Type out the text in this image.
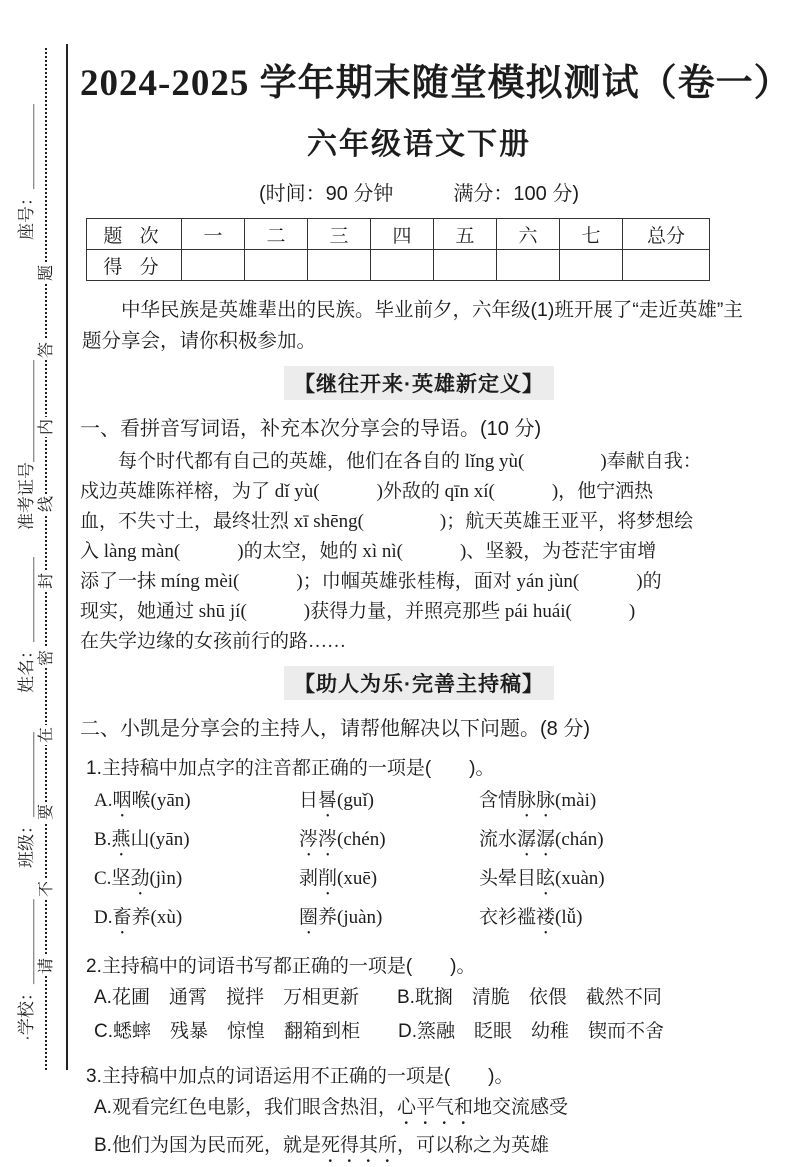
题
答
内
线
封
密
在
要
不
请
座号：＿＿＿＿＿
准考证号＿＿＿＿＿＿
姓名：＿＿＿＿＿
班级：＿＿＿＿＿
·学校：＿＿＿＿＿
2024-2025 学年期末随堂模拟测试（卷一）
六年级语文下册
(时间：90 分钟　　　满分：100 分)
题 次	一	二	三	四	五	六	七	总分
得 分								
中华民族是英雄辈出的民族。毕业前夕，六年级(1)班开展了“走近英雄”主题分享会，请你积极参加。
【继往开来·英雄新定义】
一、看拼音写词语，补充本次分享会的导语。(10 分)
每个时代都有自己的英雄，他们在各自的 lǐng yù(　　　　)奉献自我：
戍边英雄陈祥榕，为了 dǐ yù(　　　)外敌的 qīn xí(　　　)，他宁洒热
血，不失寸土，最终壮烈 xī shēng(　　　　)；航天英雄王亚平，将梦想绘
入 làng màn(　　　)的太空，她的 xì nì(　　　)、坚毅，为苍茫宇宙增
添了一抹 míng mèi(　　　)；巾帼英雄张桂梅，面对 yán jùn(　　　)的
现实，她通过 shū jí(　　　)获得力量，并照亮那些 pái huái(　　　)
在失学边缘的女孩前行的路……
【助人为乐·完善主持稿】
二、小凯是分享会的主持人，请帮他解决以下问题。(8 分)
1.主持稿中加点字的注音都正确的一项是(　　)。
A.咽喉(yān)	日晷(guǐ)	含情脉脉(mài)
B.燕山(yān)	涔涔(chén)	流水潺潺(chán)
C.坚劲(jìn)	剥削(xuē)	头晕目眩(xuàn)
D.畜养(xù)	圈养(juàn)	衣衫褴褛(lǚ)
2.主持稿中的词语书写都正确的一项是(　　)。
A.花圃　通霄　搅拌　万相更新　　B.耽搁　清脆　依偎　截然不同
C.蟋蟀　残暴　惊惶　翻箱到柜　　D.篜融　眨眼　幼稚　锲而不舍
3.主持稿中加点的词语运用不正确的一项是(　　)。
A.观看完红色电影，我们眼含热泪，心平气和地交流感受
B.他们为国为民而死，就是死得其所，可以称之为英雄
